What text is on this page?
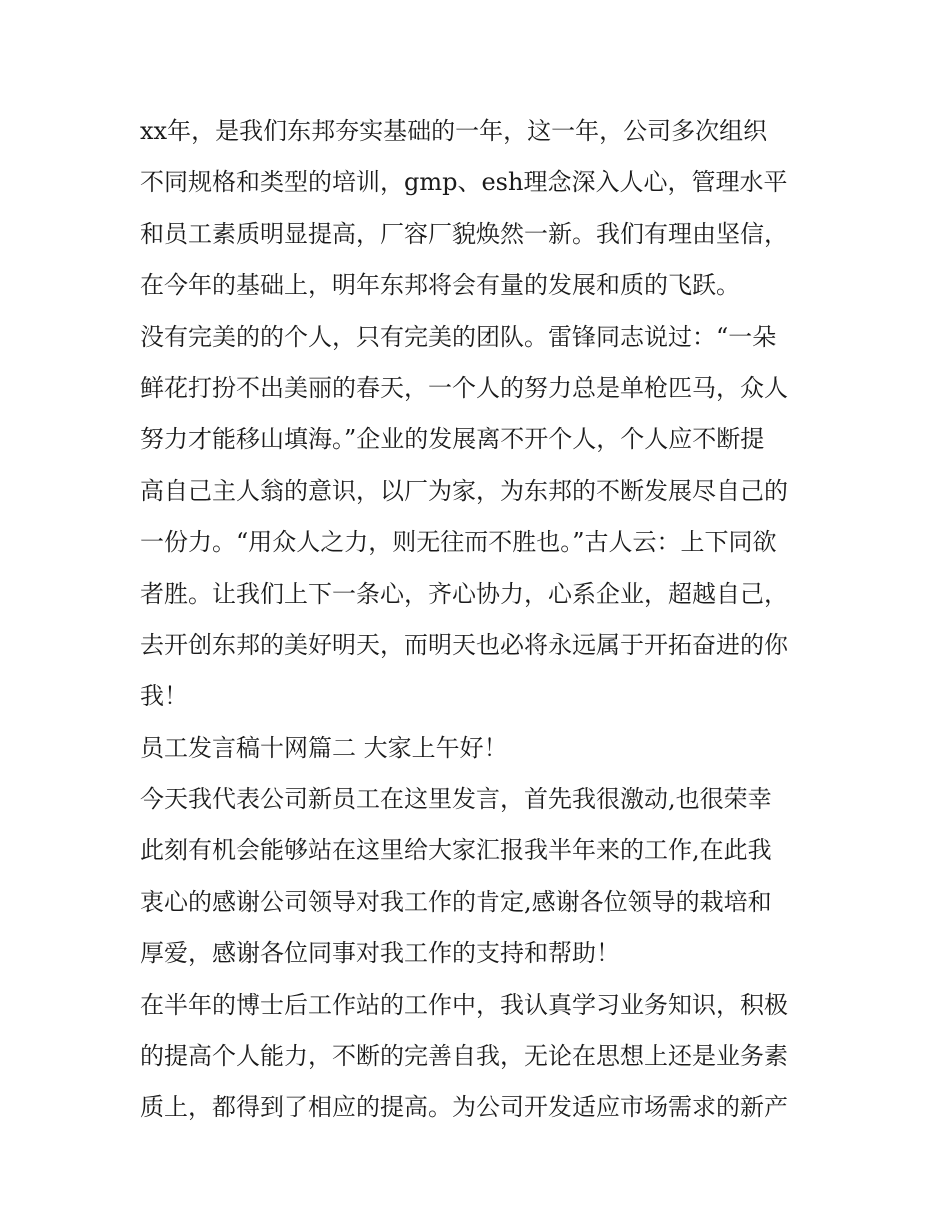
xx年，是我们东邦夯实基础的一年，这一年，公司多次组织
不同规格和类型的培训，gmp、esh理念深入人心，管理水平
和员工素质明显提高，厂容厂貌焕然一新。我们有理由坚信，
在今年的基础上，明年东邦将会有量的发展和质的飞跃。
没有完美的的个人，只有完美的团队。雷锋同志说过：“一朵
鲜花打扮不出美丽的春天，一个人的努力总是单枪匹马，众人
努力才能移山填海。”企业的发展离不开个人，个人应不断提
高自己主人翁的意识，以厂为家，为东邦的不断发展尽自己的
一份力。“用众人之力，则无往而不胜也。”古人云：上下同欲
者胜。让我们上下一条心，齐心协力，心系企业，超越自己，
去开创东邦的美好明天，而明天也必将永远属于开拓奋进的你
我！
员工发言稿十网篇二 大家上午好！
今天我代表公司新员工在这里发言，首先我很激动,也很荣幸
此刻有机会能够站在这里给大家汇报我半年来的工作,在此我
衷心的感谢公司领导对我工作的肯定,感谢各位领导的栽培和
厚爱，感谢各位同事对我工作的支持和帮助！
在半年的博士后工作站的工作中，我认真学习业务知识，积极
的提高个人能力，不断的完善自我，无论在思想上还是业务素
质上，都得到了相应的提高。为公司开发适应市场需求的新产
